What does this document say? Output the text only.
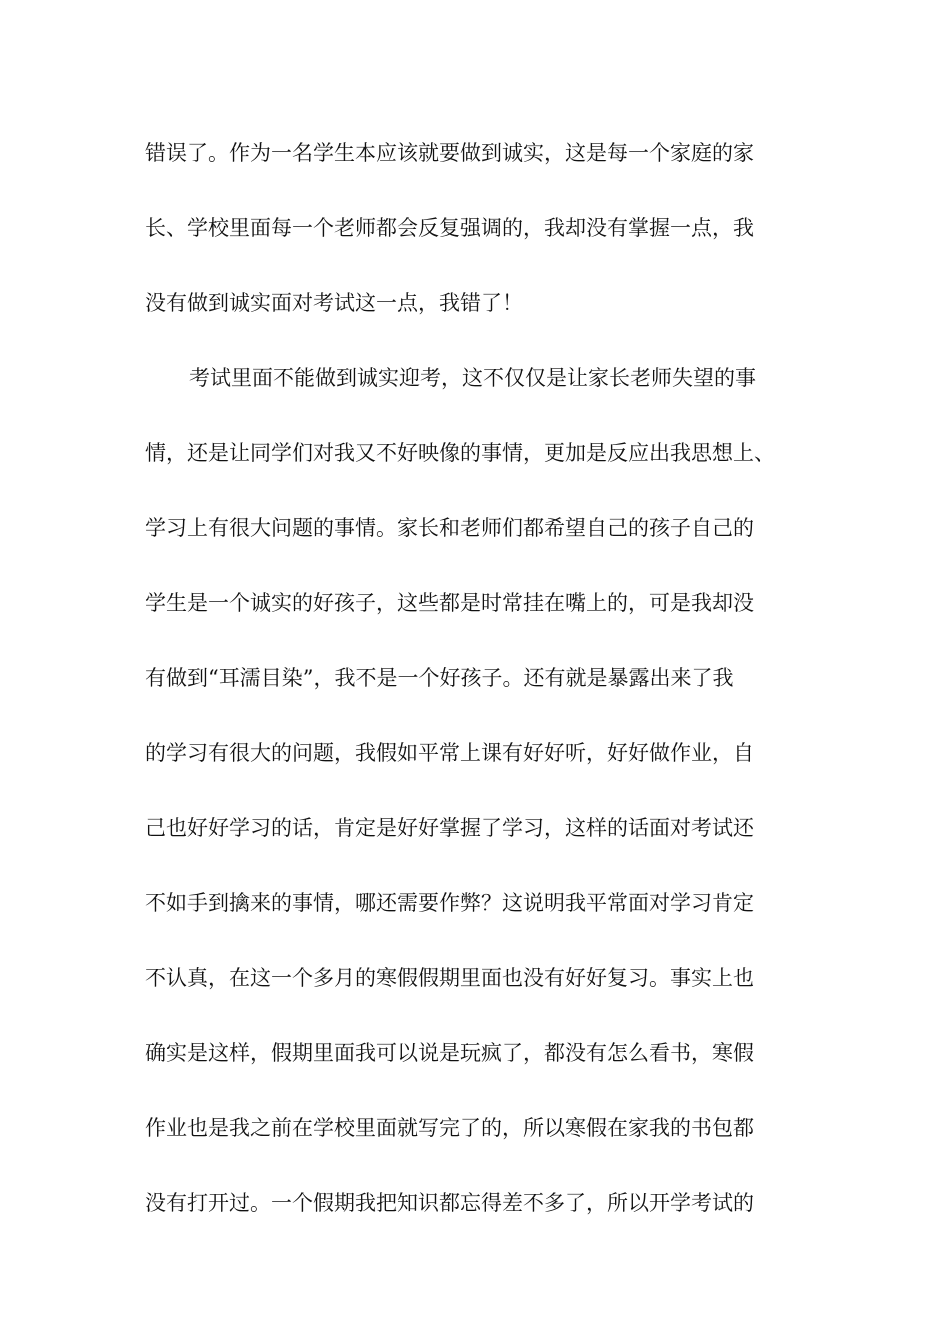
错误了。作为一名学生本应该就要做到诚实，这是每一个家庭的家
长、学校里面每一个老师都会反复强调的，我却没有掌握一点，我
没有做到诚实面对考试这一点，我错了！
考试里面不能做到诚实迎考，这不仅仅是让家长老师失望的事
情，还是让同学们对我又不好映像的事情，更加是反应出我思想上、
学习上有很大问题的事情。家长和老师们都希望自己的孩子自己的
学生是一个诚实的好孩子，这些都是时常挂在嘴上的，可是我却没
有做到“耳濡目染”，我不是一个好孩子。还有就是暴露出来了我
的学习有很大的问题，我假如平常上课有好好听，好好做作业，自
己也好好学习的话，肯定是好好掌握了学习，这样的话面对考试还
不如手到擒来的事情，哪还需要作弊？这说明我平常面对学习肯定
不认真，在这一个多月的寒假假期里面也没有好好复习。事实上也
确实是这样，假期里面我可以说是玩疯了，都没有怎么看书，寒假
作业也是我之前在学校里面就写完了的，所以寒假在家我的书包都
没有打开过。一个假期我把知识都忘得差不多了，所以开学考试的
